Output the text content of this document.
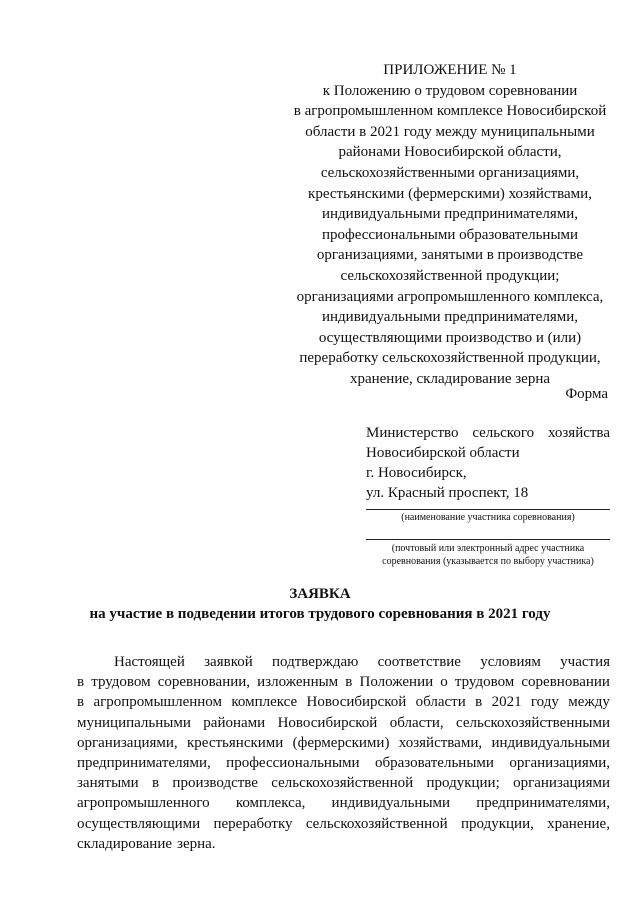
ПРИЛОЖЕНИЕ № 1
к Положению о трудовом соревновании
в агропромышленном комплексе Новосибирской
области в 2021 году между муниципальными
районами Новосибирской области,
сельскохозяйственными организациями,
крестьянскими (фермерскими) хозяйствами,
индивидуальными предпринимателями,
профессиональными образовательными
организациями, занятыми в производстве
сельскохозяйственной продукции;
организациями агропромышленного комплекса,
индивидуальными предпринимателями,
осуществляющими производство и (или)
переработку сельскохозяйственной продукции,
хранение, складирование зерна
Форма
Министерство сельского хозяйства
Новосибирской области
г. Новосибирск,
ул. Красный проспект, 18
(наименование участника соревнования)
(почтовый или электронный адрес участника
соревнования (указывается по выбору участника)
ЗАЯВКА
на участие в подведении итогов трудового соревнования в 2021 году
Настоящей заявкой подтверждаю соответствие условиям участия
в трудовом соревновании, изложенным в Положении о трудовом соревновании
в агропромышленном комплексе Новосибирской области в 2021 году между
муниципальными районами Новосибирской области, сельскохозяйственными
организациями, крестьянскими (фермерскими) хозяйствами, индивидуальными
предпринимателями, профессиональными образовательными организациями,
занятыми в производстве сельскохозяйственной продукции; организациями
агропромышленного комплекса, индивидуальными предпринимателями,
осуществляющими переработку сельскохозяйственной продукции, хранение,
складирование зерна.
